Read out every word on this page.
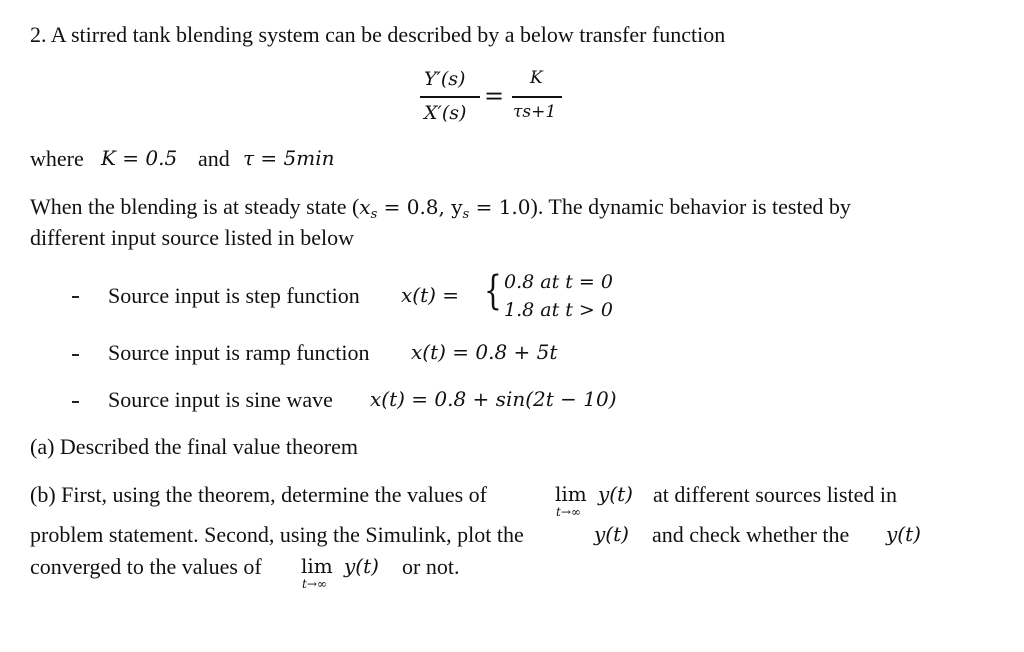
2. A stirred tank blending system can be described by a below transfer function
Y′(s)
X′(s)
=
K
τs+1
where K = 0.5 and τ = 5min
When the blending is at steady state ($x_s = 0.8$, $y_s = 1.0$). The dynamic behavior is tested by
different input source listed in below
Source input is step function x(t) = { 0.8 at t = 0
1.8 at t > 0
Source input is ramp function x(t) = 0.8 + 5t
Source input is sine wave x(t) = 0.8 + sin(2t − 10)
(a) Described the final value theorem
(b) First, using the theorem, determine the values of	lim
t→∞
y(t) at different sources listed in
problem statement. Second, using the Simulink, plot the	y(t) and check whether the y(t)
converged to the values of lim
t→∞
y(t) or not.
